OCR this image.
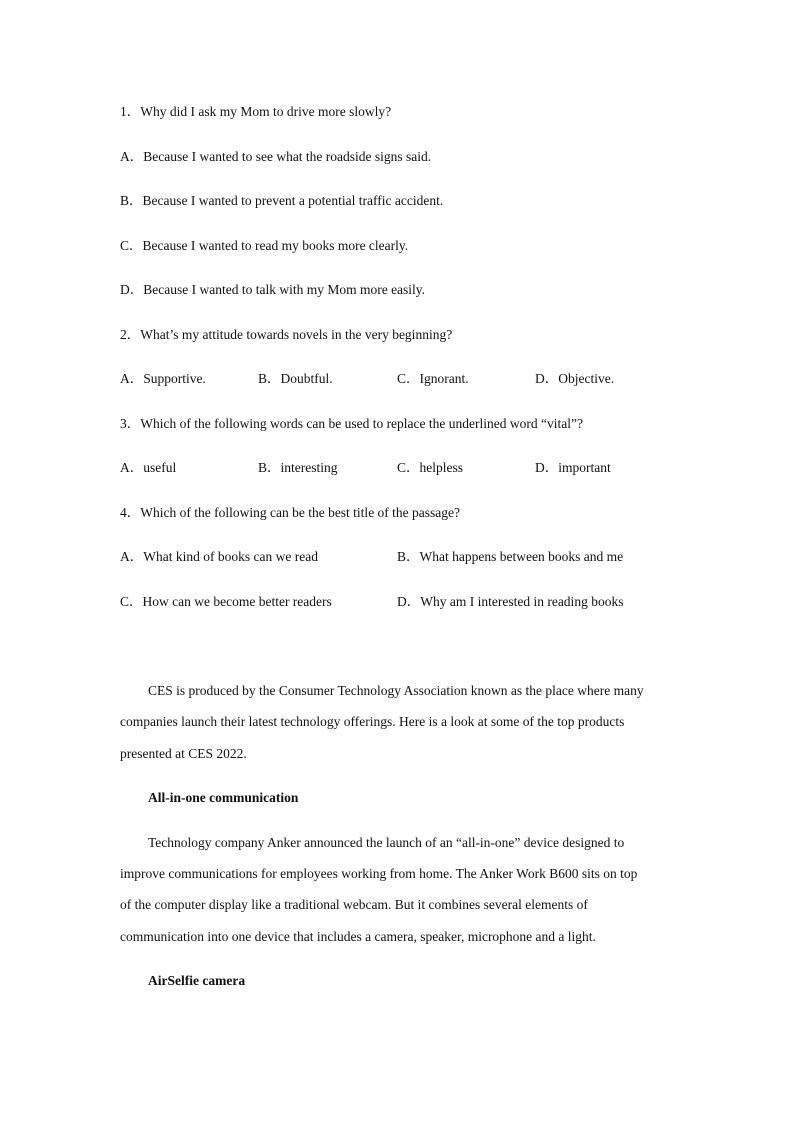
1．Why did I ask my Mom to drive more slowly?
A．Because I wanted to see what the roadside signs said.
B．Because I wanted to prevent a potential traffic accident.
C．Because I wanted to read my books more clearly.
D．Because I wanted to talk with my Mom more easily.
2．What’s my attitude towards novels in the very beginning?
A．Supportive.	B．Doubtful.	C．Ignorant.	D．Objective.
3．Which of the following words can be used to replace the underlined word “vital”?
A．useful	B．interesting	C．helpless	D．important
4．Which of the following can be the best title of the passage?
A．What kind of books can we read	B．What happens between books and me
C．How can we become better readers	D．Why am I interested in reading books
CES is produced by the Consumer Technology Association known as the place where many
companies launch their latest technology offerings. Here is a look at some of the top products
presented at CES 2022.
All-in-one communication
Technology company Anker announced the launch of an “all-in-one” device designed to
improve communications for employees working from home. The Anker Work B600 sits on top
of the computer display like a traditional webcam. But it combines several elements of
communication into one device that includes a camera, speaker, microphone and a light.
AirSelfie camera
